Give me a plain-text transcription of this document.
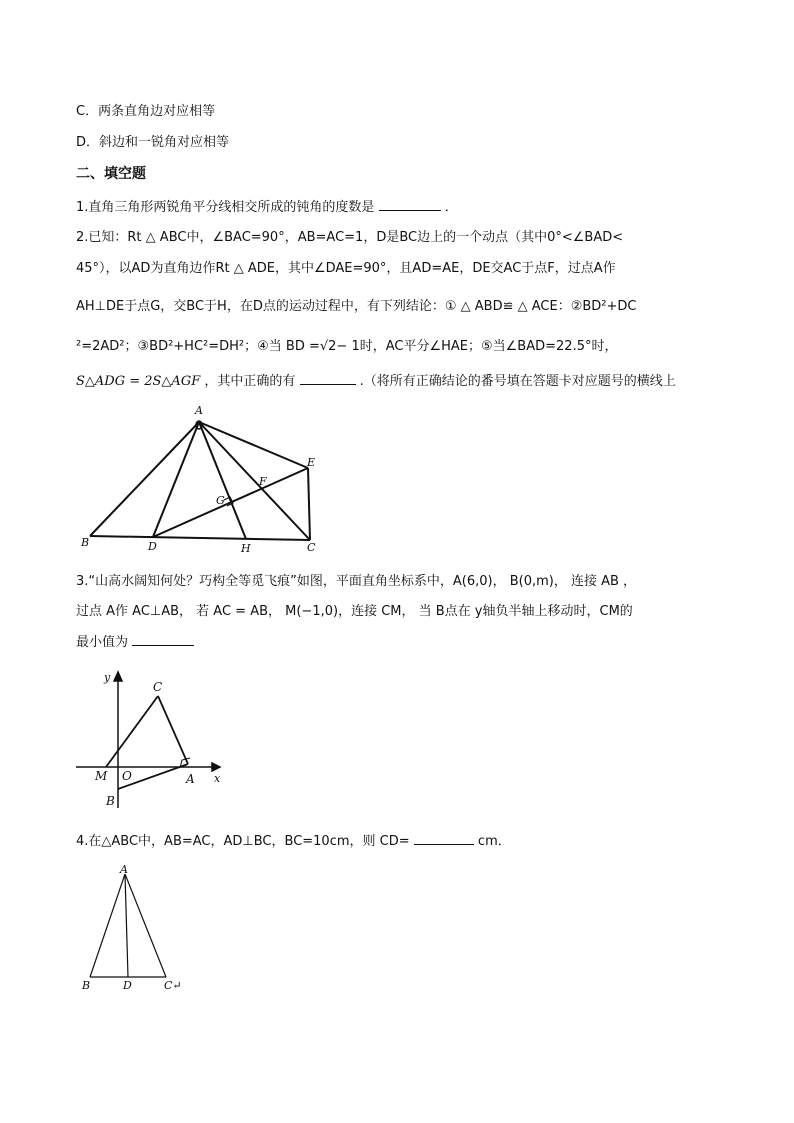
C．两条直角边对应相等
D．斜边和一锐角对应相等
二、填空题
1.直角三角形两锐角平分线相交所成的钝角的度数是	．
2.已知：Rt △ ABC中，∠BAC=90°，AB=AC=1，D是BC边上的一个动点（其中0°<∠BAD<
45°），以AD为直角边作Rt △ ADE，其中∠DAE=90°，且AD=AE，DE交AC于点F，过点A作
AH⊥DE于点G，交BC于H，在D点的运动过程中，有下列结论：① △ ABD≌ △ ACE：②BD²+DC
²=2AD²；③BD²+HC²=DH²；④当 BD =√2− 1时，AC平分∠HAE；⑤当∠BAD=22.5°时，
S△ADG = 2S△AGF ，其中正确的有	.（将所有正确结论的番号填在答题卡对应题号的横线上
A
B	C
D
E
F
G
H
3.“山高水阔知何处？巧构全等觅飞痕”如图，平面直角坐标系中，A(6,0)， B(0,m)， 连接 AB ，
过点 A作 AC⊥AB， 若 AC = AB， M(−1,0)，连接 CM， 当 B点在 y轴负半轴上移动时，CM的
最小值为
y
x
C
M O	A
B
4.在△ABC中，AB=AC，AD⊥BC，BC=10cm，则 CD=	cm．
A
B	D	C↵
